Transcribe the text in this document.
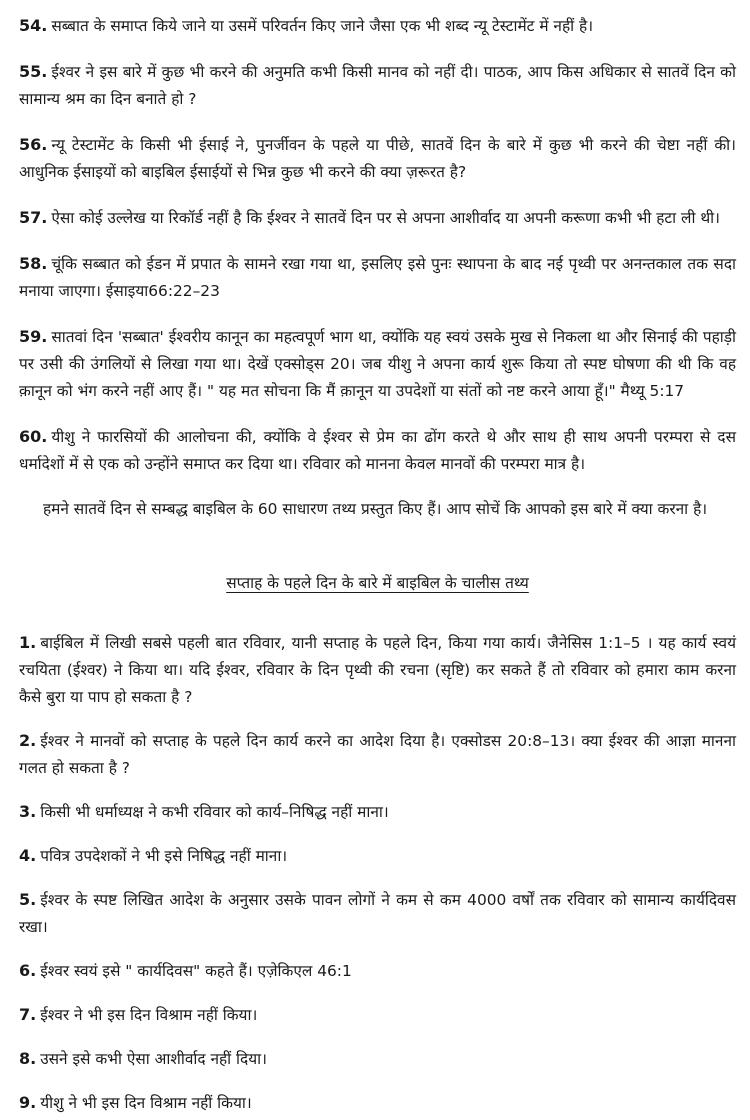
54. सब्बात के समाप्त किये जाने या उसमें परिवर्तन किए जाने जैसा एक भी शब्द न्यू टेस्टामेंट में नहीं है।

55. ईश्वर ने इस बारे में कुछ भी करने की अनुमति कभी किसी मानव को नहीं दी। पाठक, आप किस अधिकार से सातवें दिन को सामान्य श्रम का दिन बनाते हो ?

56. न्यू टेस्टामेंट के किसी भी ईसाई ने, पुनर्जीवन के पहले या पीछे, सातवें दिन के बारे में कुछ भी करने की चेष्टा नहीं की। आधुनिक ईसाइयों को बाइबिल ईसाईयों से भिन्न कुछ भी करने की क्या ज़रूरत है?

57. ऐसा कोई उल्लेख या रिकॉर्ड नहीं है कि ईश्वर ने सातवें दिन पर से अपना आशीर्वाद या अपनी करूणा कभी भी हटा ली थी।

58. चूंकि सब्बात को ईडन में प्रपात के सामने रखा गया था, इसलिए इसे पुनः स्थापना के बाद नई पृथ्वी पर अनन्तकाल तक सदा मनाया जाएगा। ईसाइया66:22–23

59. सातवां दिन 'सब्बात' ईश्वरीय कानून का महत्वपूर्ण भाग था, क्योंकि यह स्वयं उसके मुख से निकला था और सिनाई की पहाड़ी पर उसी की उंगलियों से लिखा गया था। देखें एक्सोड्स 20। जब यीशु ने अपना कार्य शुरू किया तो स्पष्ट घोषणा की थी कि वह क़ानून को भंग करने नहीं आए हैं। " यह मत सोचना कि मैं क़ानून या उपदेशों या संतों को नष्ट करने आया हूँ।" मैथ्यू 5:17

60. यीशु ने फारसियों की आलोचना की, क्योंकि वे ईश्वर से प्रेम का ढोंग करते थे और साथ ही साथ अपनी परम्परा से दस धर्मादेशों में से एक को उन्होंने समाप्त कर दिया था। रविवार को मानना केवल मानवों की परम्परा मात्र है।

हमने सातवें दिन से सम्बद्ध बाइबिल के 60 साधारण तथ्य प्रस्तुत किए हैं। आप सोचें कि आपको इस बारे में क्या करना है।

सप्ताह के पहले दिन के बारे में बाइबिल के चालीस तथ्य

1. बाईबिल में लिखी सबसे पहली बात रविवार, यानी सप्ताह के पहले दिन, किया गया कार्य। जैनेसिस 1:1–5 । यह कार्य स्वयं रचयिता (ईश्वर) ने किया था। यदि ईश्वर, रविवार के दिन पृथ्वी की रचना (सृष्टि) कर सकते हैं तो रविवार को हमारा काम करना कैसे बुरा या पाप हो सकता है ?

2. ईश्वर ने मानवों को सप्ताह के पहले दिन कार्य करने का आदेश दिया है। एक्सोडस 20:8–13। क्या ईश्वर की आज्ञा मानना गलत हो सकता है ?

3. किसी भी धर्माध्यक्ष ने कभी रविवार को कार्य–निषिद्ध नहीं माना।

4. पवित्र उपदेशकों ने भी इसे निषिद्ध नहीं माना।

5. ईश्वर के स्पष्ट लिखित आदेश के अनुसार उसके पावन लोगों ने कम से कम 4000 वर्षों तक रविवार को सामान्य कार्यदिवस रखा।

6. ईश्वर स्वयं इसे " कार्यदिवस" कहते हैं। एज़ेकिएल 46:1

7. ईश्वर ने भी इस दिन विश्राम नहीं किया।

8. उसने इसे कभी ऐसा आशीर्वाद नहीं दिया।

9. यीशु ने भी इस दिन विश्राम नहीं किया।
